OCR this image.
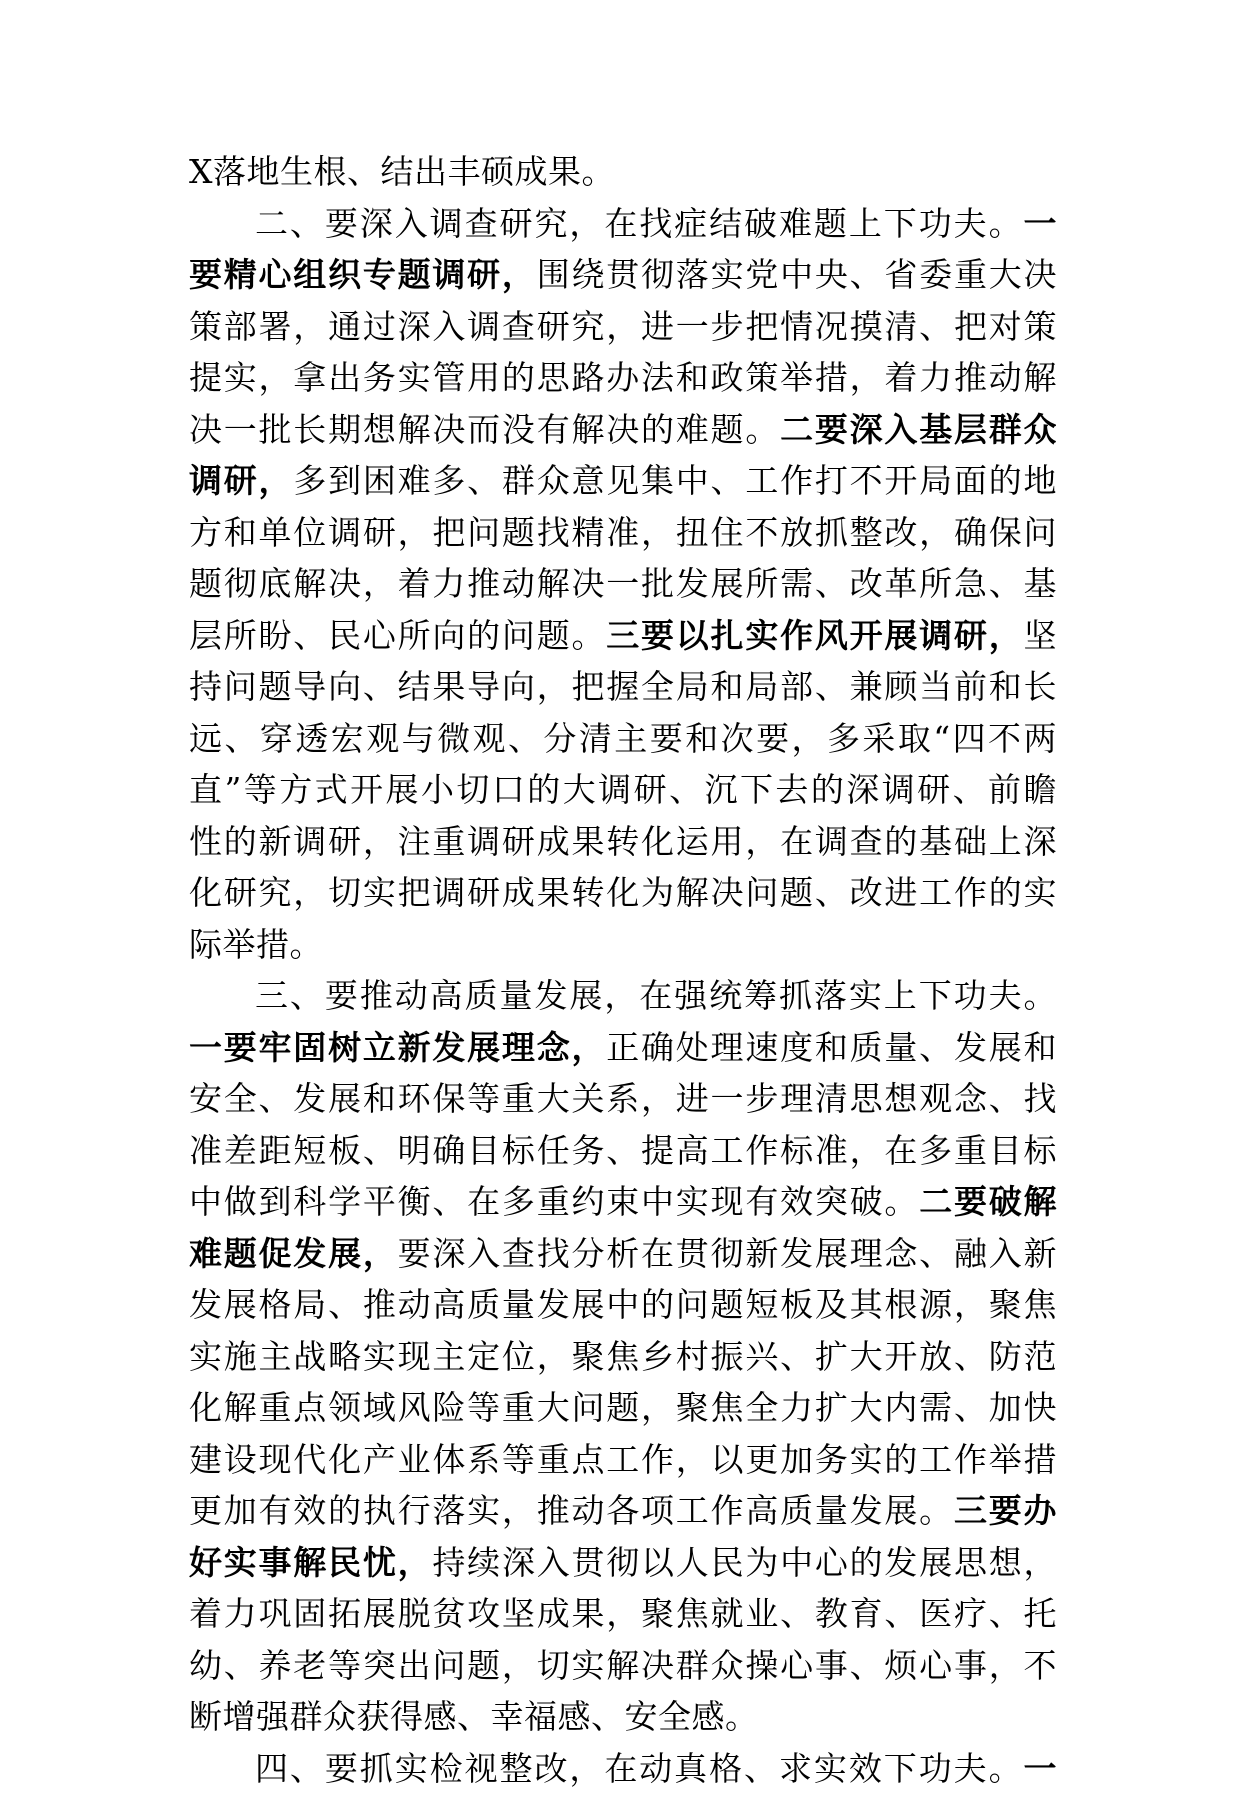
X落地生根、结出丰硕成果。
二、要深入调查研究，在找症结破难题上下功夫。一
要精心组织专题调研，围绕贯彻落实党中央、省委重大决
策部署，通过深入调查研究，进一步把情况摸清、把对策
提实，拿出务实管用的思路办法和政策举措，着力推动解
决一批长期想解决而没有解决的难题。二要深入基层群众
调研，多到困难多、群众意见集中、工作打不开局面的地
方和单位调研，把问题找精准，扭住不放抓整改，确保问
题彻底解决，着力推动解决一批发展所需、改革所急、基
层所盼、民心所向的问题。三要以扎实作风开展调研，坚
持问题导向、结果导向，把握全局和局部、兼顾当前和长
远、穿透宏观与微观、分清主要和次要，多采取“四不两
直”等方式开展小切口的大调研、沉下去的深调研、前瞻
性的新调研，注重调研成果转化运用，在调查的基础上深
化研究，切实把调研成果转化为解决问题、改进工作的实
际举措。
三、要推动高质量发展，在强统筹抓落实上下功夫。
一要牢固树立新发展理念，正确处理速度和质量、发展和
安全、发展和环保等重大关系，进一步理清思想观念、找
准差距短板、明确目标任务、提高工作标准，在多重目标
中做到科学平衡、在多重约束中实现有效突破。二要破解
难题促发展，要深入查找分析在贯彻新发展理念、融入新
发展格局、推动高质量发展中的问题短板及其根源，聚焦
实施主战略实现主定位，聚焦乡村振兴、扩大开放、防范
化解重点领域风险等重大问题，聚焦全力扩大内需、加快
建设现代化产业体系等重点工作，以更加务实的工作举措
更加有效的执行落实，推动各项工作高质量发展。三要办
好实事解民忧，持续深入贯彻以人民为中心的发展思想，
着力巩固拓展脱贫攻坚成果，聚焦就业、教育、医疗、托
幼、养老等突出问题，切实解决群众操心事、烦心事，不
断增强群众获得感、幸福感、安全感。
四、要抓实检视整改，在动真格、求实效下功夫。一
